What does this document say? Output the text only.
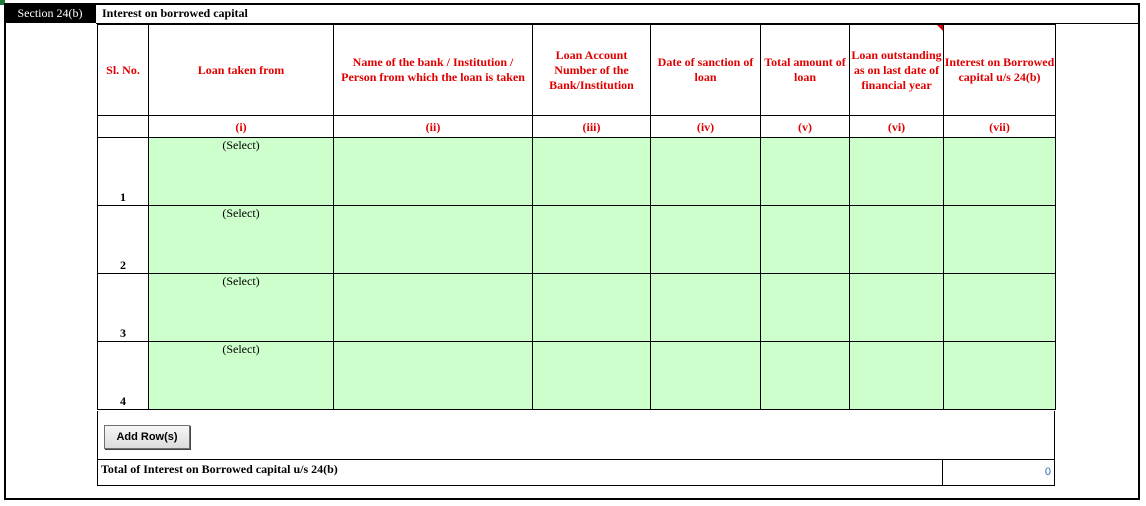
Section 24(b)	Interest on borrowed capital
Sl. No.	Loan taken from	Name of the bank / Institution / Person from which the loan is taken	Loan Account Number of the Bank/Institution	Date of sanction of loan	Total amount of loan	Loan outstanding as on last date of financial year	Interest on Borrowed capital u/s 24(b)
	(i)	(ii)	(iii)	(iv)	(v)	(vi)	(vii)
1	(Select)						
2	(Select)						
3	(Select)						
4	(Select)						
Add Row(s)
Total of Interest on Borrowed capital u/s 24(b)	0
